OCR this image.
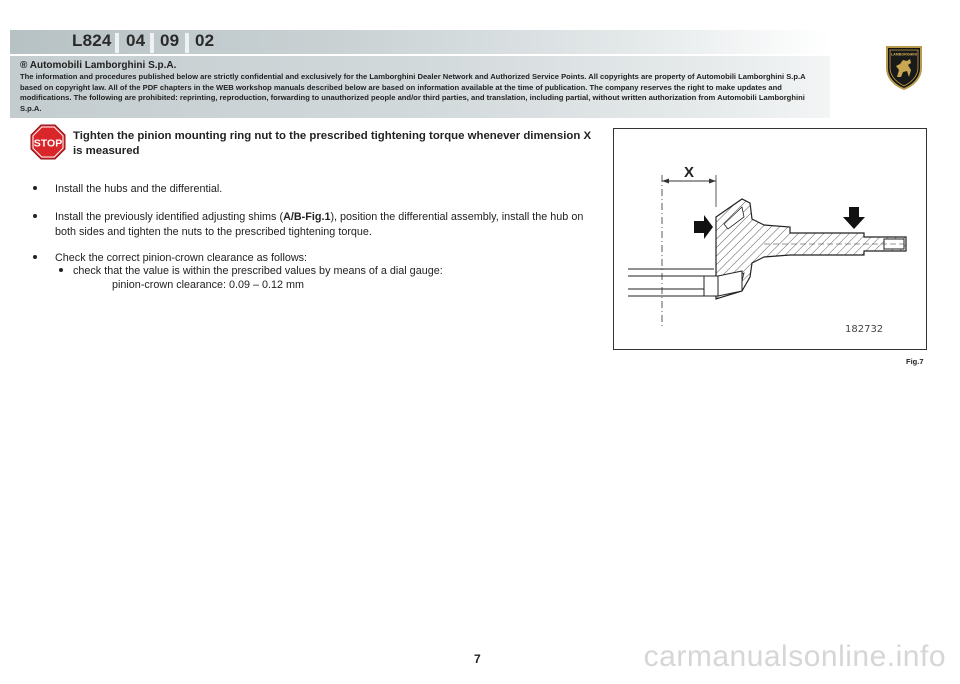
L824 04 09 02
® Automobili Lamborghini S.p.A.

The information and procedures published below are strictly confidential and exclusively for the Lamborghini Dealer Network and Authorized Service Points. All copyrights are property of Automobili Lamborghini S.p.A based on copyright law. All of the PDF chapters in the WEB workshop manuals described below are based on information available at the time of publication. The company reserves the right to make updates and modifications. The following are prohibited: reprinting, reproduction, forwarding to unauthorized people and/or third parties, and translation, including partial, without written authorization from Automobili Lamborghini S.p.A.

LAMBORGHINI
STOP

Tighten the pinion mounting ring nut to the prescribed tightening torque whenever dimension X is measured

Install the hubs and the differential.
Install the previously identified adjusting shims (A/B-Fig.1), position the differential assembly, install the hub on both sides and tighten the nuts to the prescribed tightening torque.
Check the correct pinion-crown clearance as follows:
check that the value is within the prescribed values by means of a dial gauge:
pinion-crown clearance: 0.09 – 0.12 mm
X
182732
Fig.7
7	carmanualsonline.info
